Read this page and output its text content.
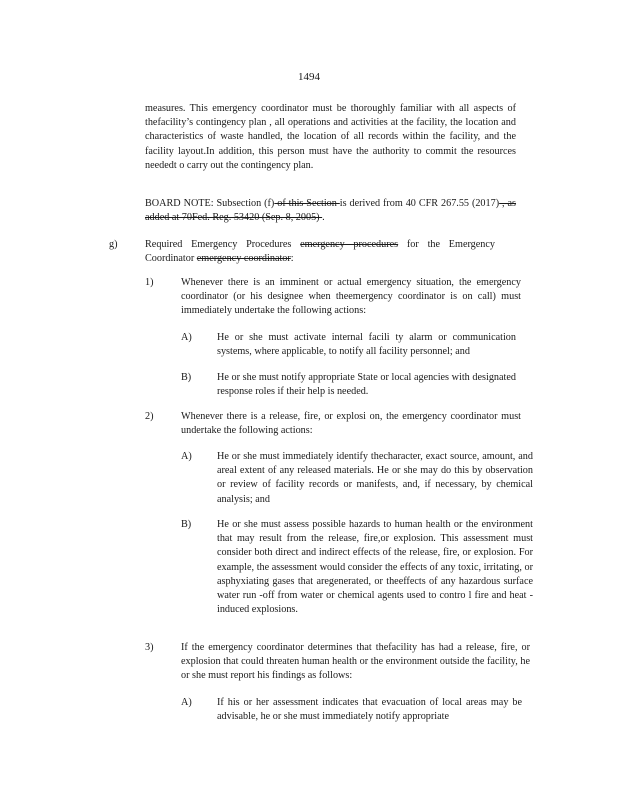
1494
measures. This emergency coordinator must be thoroughly familiar with all aspects of thefacility’s contingency plan , all operations and activities at the facility, the location and characteristics of waste handled, the location of all records within the facility, and the facility layout.In addition, this person must have the authority to commit the resources neededt o carry out the contingency plan.
BOARD NOTE: Subsection (f) of this Section is derived from 40 CFR 267.55 (2017) , as added at 70Fed. Reg. 53420 (Sep. 8, 2005) .
g)	Required Emergency Procedures emergency procedures for the Emergency Coordinator emergency coordinator:
1)	Whenever there is an imminent or actual emergency situation, the emergency coordinator (or his designee when theemergency coordinator is on call) must immediately undertake the following actions:
A) He or she must activate internal facili ty alarm or communication systems, where applicable, to notify all facility personnel; and
B)	He or she must notify appropriate State or local agencies with designated response roles if their help is needed.
2)	Whenever there is a release, fire, or explosi on, the emergency coordinator must undertake the following actions:
A) He or she must immediately identify thecharacter, exact source, amount, and areal extent of any released materials. He or she may do this by observation or review of facility records or manifests, and, if necessary, by chemical analysis; and
B)	He or she must assess possible hazards to human health or the environment that may result from the release, fire,or explosion. This assessment must consider both direct and indirect effects of the release, fire, or explosion. For example, the assessment would consider the effects of any toxic, irritating, or asphyxiating gases that aregenerated, or theeffects of any hazardous surface water run -off from water or chemical agents used to contro l fire and heat -induced explosions.
3)	If the emergency coordinator determines that thefacility has had a release, fire, or explosion that could threaten human health or the environment outside the facility, he or she must report his findings as follows:
A) If his or her assessment indicates that evacuation of local areas may be advisable, he or she must immediately notify appropriate
